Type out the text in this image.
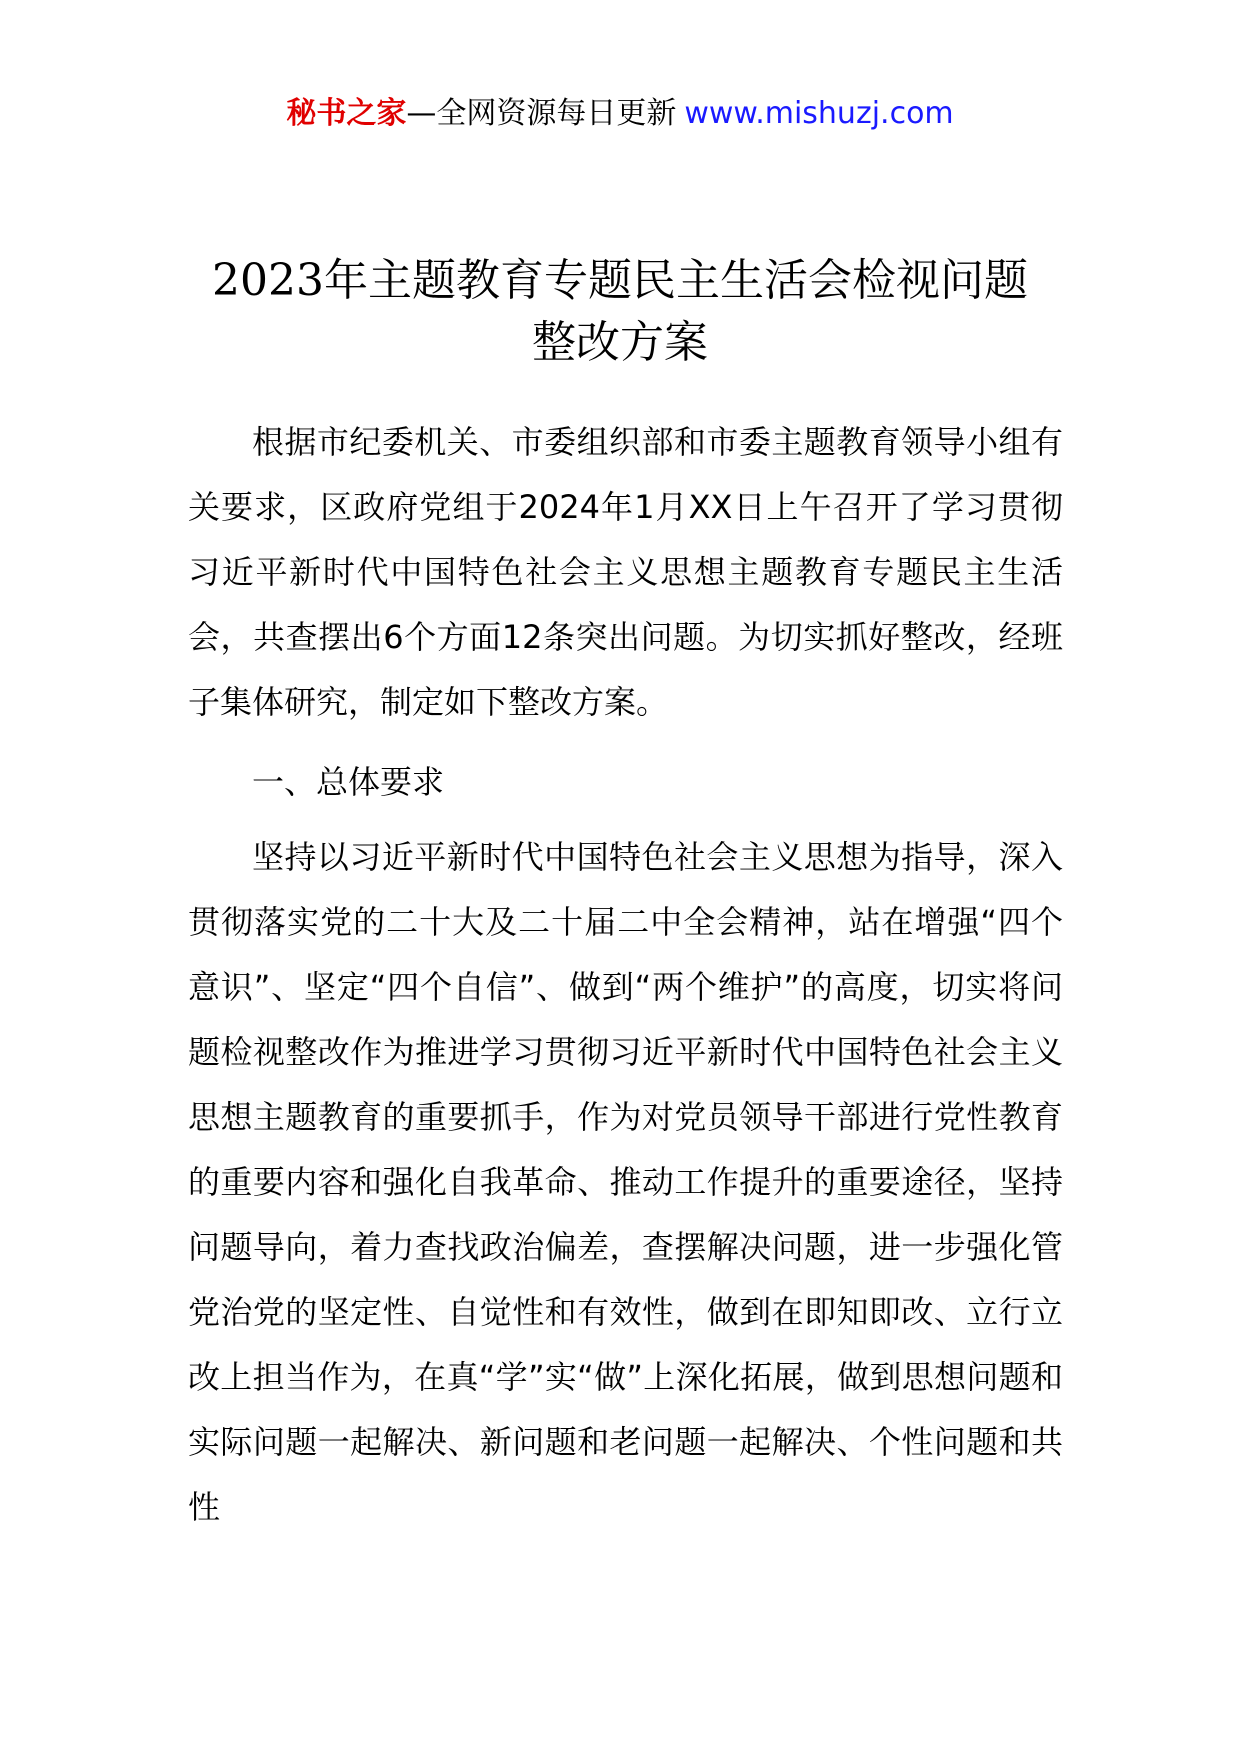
秘书之家—全网资源每日更新 www.mishuzj.com
2023年主题教育专题民主生活会检视问题
整改方案

根据市纪委机关、市委组织部和市委主题教育领导小组有关要求，区政府党组于2024年1月XX日上午召开了学习贯彻习近平新时代中国特色社会主义思想主题教育专题民主生活会，共查摆出6个方面12条突出问题。为切实抓好整改，经班子集体研究，制定如下整改方案。

一、总体要求

坚持以习近平新时代中国特色社会主义思想为指导，深入贯彻落实党的二十大及二十届二中全会精神，站在增强“四个意识”、坚定“四个自信”、做到“两个维护”的高度，切实将问题检视整改作为推进学习贯彻习近平新时代中国特色社会主义思想主题教育的重要抓手，作为对党员领导干部进行党性教育的重要内容和强化自我革命、推动工作提升的重要途径，坚持问题导向，着力查找政治偏差，查摆解决问题，进一步强化管党治党的坚定性、自觉性和有效性，做到在即知即改、立行立改上担当作为，在真“学”实“做”上深化拓展，做到思想问题和实际问题一起解决、新问题和老问题一起解决、个性问题和共性
